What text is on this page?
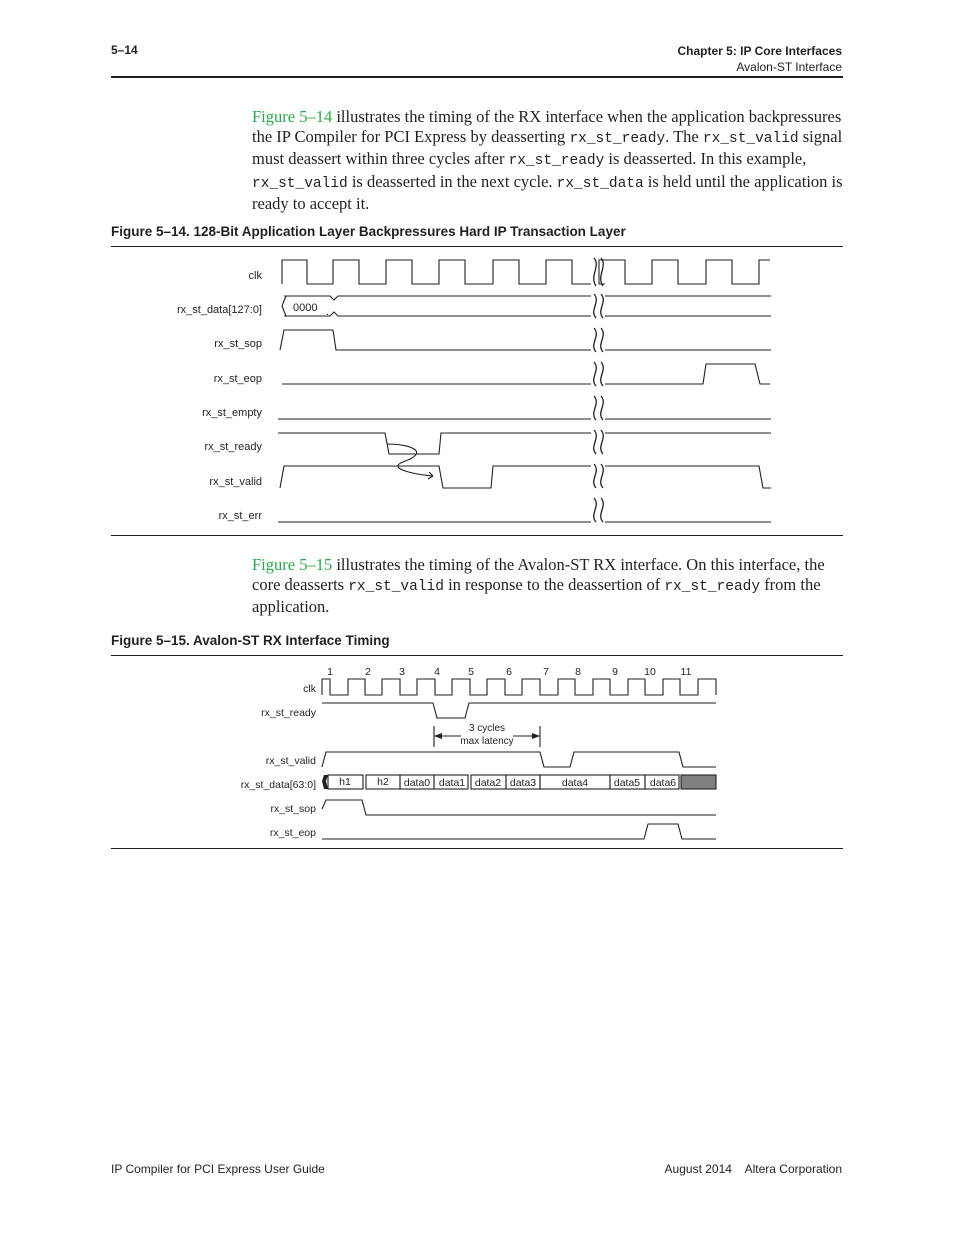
5–14	Chapter 5: IP Core Interfaces
Avalon-ST Interface
Figure 5–14 illustrates the timing of the RX interface when the application backpressures the IP Compiler for PCI Express by deasserting rx_st_ready. The rx_st_valid signal must deassert within three cycles after rx_st_ready is deasserted. In this example, rx_st_valid is deasserted in the next cycle. rx_st_data is held until the application is ready to accept it.
Figure 5–14. 128-Bit Application Layer Backpressures Hard IP Transaction Layer
clk
rx_st_data[127:0]
rx_st_sop
rx_st_eop
rx_st_empty
rx_st_ready
rx_st_valid
rx_st_err
0000 .
Figure 5–15 illustrates the timing of the Avalon-ST RX interface. On this interface, the core deasserts rx_st_valid in response to the deassertion of rx_st_ready from the application.
Figure 5–15. Avalon-ST RX Interface Timing
1	2	3	4	5	6	7 8	9 10 11
clk
rx_st_ready
rx_st_valid
rx_st_data[63:0]
rx_st_sop
rx_st_eop
3 cycles
max latency
h1	h2 data0 data1 data2 data3 data4 data5 data6
IP Compiler for PCI Express User Guide	August 2014    Altera Corporation
